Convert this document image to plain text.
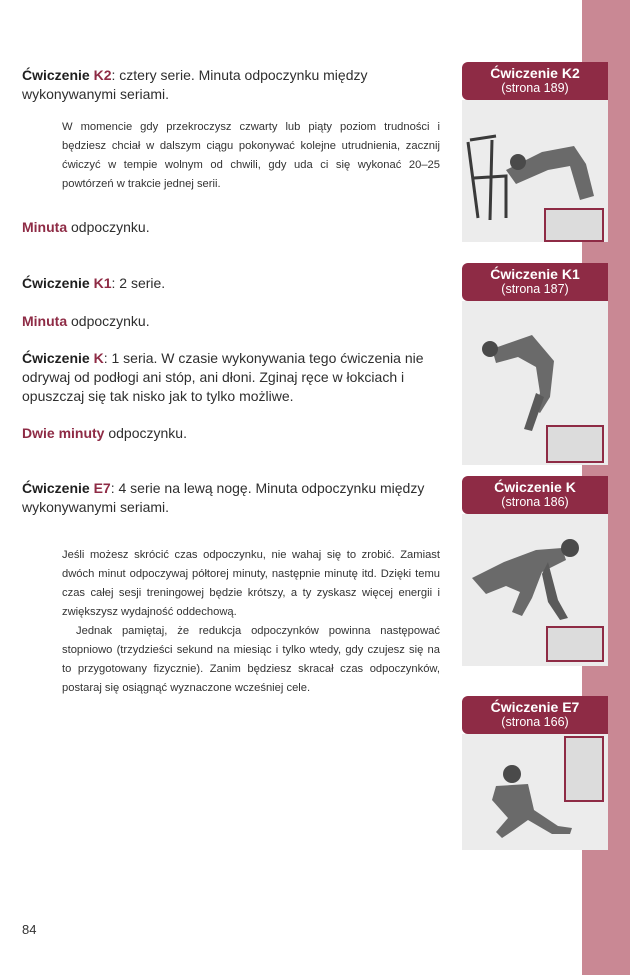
Ćwiczenie K2: cztery serie. Minuta odpoczynku między wykonywanymi seriami.

W momencie gdy przekroczysz czwarty lub piąty poziom trudności i będziesz chciał w dalszym ciągu pokonywać kolejne utrudnienia, zacznij ćwiczyć w tempie wolnym od chwili, gdy uda ci się wykonać 20–25 powtórzeń w trakcie jednej serii.

Minuta odpoczynku.
Ćwiczenie K1: 2 serie.
Minuta odpoczynku.
Ćwiczenie K: 1 seria. W czasie wykonywania tego ćwiczenia nie odrywaj od podłogi ani stóp, ani dłoni. Zginaj ręce w łokciach i opuszczaj się tak nisko jak to tylko możliwe.
Dwie minuty odpoczynku.
Ćwiczenie E7: 4 serie na lewą nogę. Minuta odpoczynku między wykonywanymi seriami.

Jeśli możesz skrócić czas odpoczynku, nie wahaj się to zrobić. Zamiast dwóch minut odpoczywaj półtorej minuty, następnie minutę itd. Dzięki temu czas całej sesji treningowej będzie krótszy, a ty zyskasz więcej energii i zwiększysz wydajność oddechową.

Jednak pamiętaj, że redukcja odpoczynków powinna następować stopniowo (trzydzieści sekund na miesiąc i tylko wtedy, gdy czujesz się na to przygotowany fizycznie). Zanim będziesz skracał czas odpoczynków, postaraj się osiągnąć wyznaczone wcześniej cele.

Ćwiczenie K2
(strona 189)
Ćwiczenie K1
(strona 187)
Ćwiczenie K
(strona 186)
Ćwiczenie E7
(strona 166)
84
